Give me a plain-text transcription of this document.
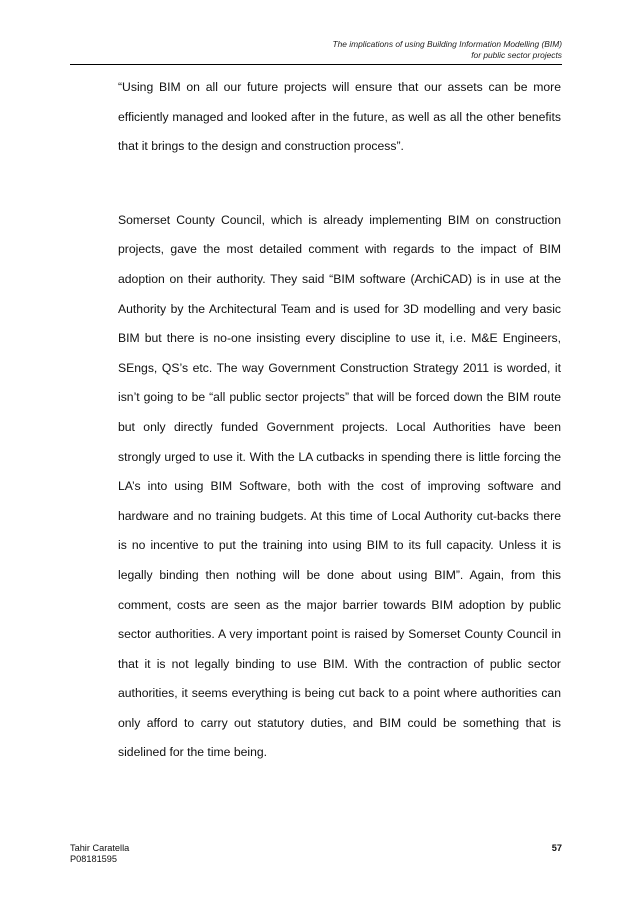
The implications of using Building Information Modelling (BIM)
for public sector projects

“Using BIM on all our future projects will ensure that our assets can be more efficiently managed and looked after in the future, as well as all the other benefits that it brings to the design and construction process”.

Somerset County Council, which is already implementing BIM on construction projects, gave the most detailed comment with regards to the impact of BIM adoption on their authority. They said “BIM software (ArchiCAD) is in use at the Authority by the Architectural Team and is used for 3D modelling and very basic BIM but there is no-one insisting every discipline to use it, i.e. M&E Engineers, SEngs, QS’s etc. The way Government Construction Strategy 2011 is worded, it isn’t going to be “all public sector projects” that will be forced down the BIM route but only directly funded Government projects. Local Authorities have been strongly urged to use it. With the LA cutbacks in spending there is little forcing the LA’s into using BIM Software, both with the cost of improving software and hardware and no training budgets. At this time of Local Authority cut-backs there is no incentive to put the training into using BIM to its full capacity. Unless it is legally binding then nothing will be done about using BIM”. Again, from this comment, costs are seen as the major barrier towards BIM adoption by public sector authorities. A very important point is raised by Somerset County Council in that it is not legally binding to use BIM. With the contraction of public sector authorities, it seems everything is being cut back to a point where authorities can only afford to carry out statutory duties, and BIM could be something that is sidelined for the time being.

Tahir Caratella
P08181595
57
